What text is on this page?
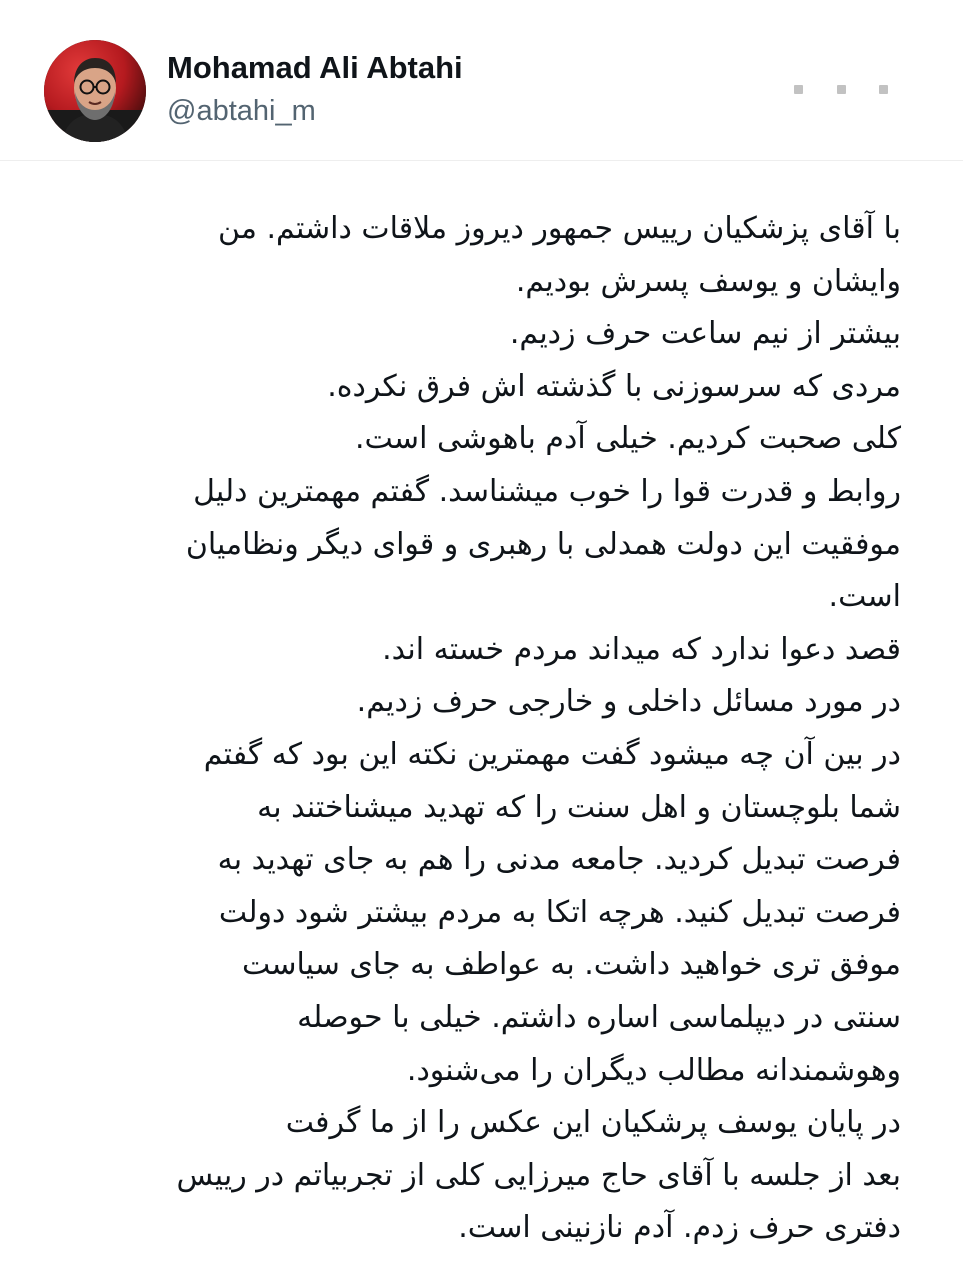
Mohamad Ali Abtahi
@abtahi_m
با آقای پزشکیان رییس جمهور دیروز ملاقات داشتم. من
وایشان و یوسف پسرش بودیم.
بیشتر از نیم ساعت حرف زدیم.
مردی که سرسوزنی با گذشته اش فرق نکرده.
کلی صحبت کردیم. خیلی آدم باهوشی است.
روابط و قدرت قوا را خوب میشناسد. گفتم مهمترین دلیل
موفقیت این دولت همدلی با رهبری و قوای دیگر ونظامیان
است.
قصد دعوا ندارد که میداند مردم خسته اند.
در مورد مسائل داخلی و خارجی حرف زدیم.
در بین آن چه میشود گفت مهمترین نکته این بود که گفتم
شما بلوچستان و اهل سنت را که تهدید میشناختند به
فرصت تبدیل کردید. جامعه مدنی را هم به جای تهدید به
فرصت تبدیل کنید. هرچه اتکا به مردم بیشتر شود دولت
موفق تری خواهید داشت. به عواطف به جای سیاست
سنتی در دیپلماسی اساره داشتم. خیلی با حوصله
وهوشمندانه مطالب دیگران را می‌شنود.
در پایان یوسف پرشکیان این عکس را از ما گرفت
بعد از جلسه با آقای حاج میرزایی کلی از تجربیاتم در رییس
دفتری حرف زدم. آدم نازنینی است.
